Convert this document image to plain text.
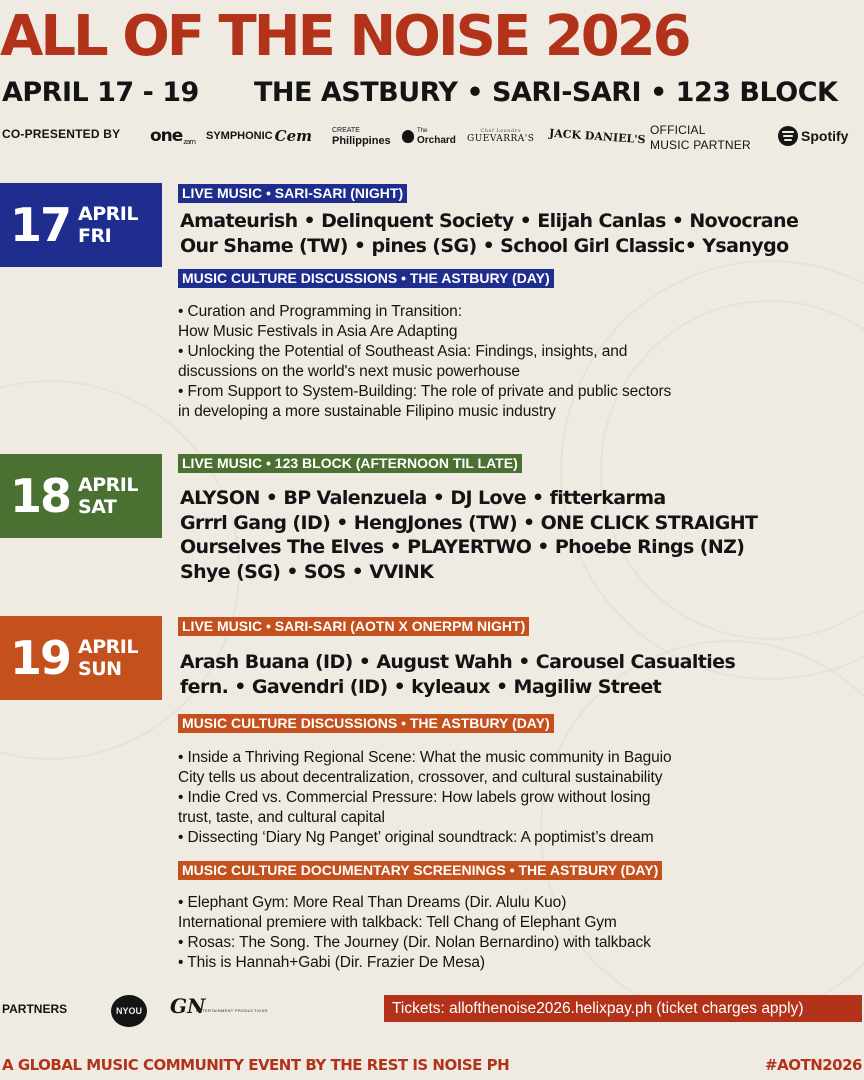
ALL OF THE NOISE 2026
APRIL 17 - 19 THE ASTBURY • SARI-SARI • 123 BLOCK
CO-PRESENTED BY one zam SYMPHONIC Cem	CREATE
Philippines
The
Orchard
Chef Leandro
GUEVARRA'S JACK DANIEL'S OFFICIAL
MUSIC PARTNER
Spotify
17 APRIL
FRI
LIVE MUSIC • SARI-SARI (NIGHT)
Amateurish • Delinquent Society • Elijah Canlas • Novocrane
Our Shame (TW) • pines (SG) • School Girl Classic• Ysanygo
MUSIC CULTURE DISCUSSIONS • THE ASTBURY (DAY)
• Curation and Programming in Transition:
How Music Festivals in Asia Are Adapting
• Unlocking the Potential of Southeast Asia: Findings, insights, and
discussions on the world's next music powerhouse
• From Support to System-Building: The role of private and public sectors
in developing a more sustainable Filipino music industry
18 APRIL
SAT
LIVE MUSIC • 123 BLOCK (AFTERNOON TIL LATE)
ALYSON • BP Valenzuela • DJ Love • fitterkarma
Grrrl Gang (ID) • HengJones (TW) • ONE CLICK STRAIGHT
Ourselves The Elves • PLAYERTWO • Phoebe Rings (NZ)
Shye (SG) • SOS • VVINK
19 APRIL
SUN
LIVE MUSIC • SARI-SARI (AOTN X ONERPM NIGHT)
Arash Buana (ID) • August Wahh • Carousel Casualties
fern. • Gavendri (ID) • kyleaux • Magiliw Street
MUSIC CULTURE DISCUSSIONS • THE ASTBURY (DAY)
• Inside a Thriving Regional Scene: What the music community in Baguio
City tells us about decentralization, crossover, and cultural sustainability
• Indie Cred vs. Commercial Pressure: How labels grow without losing
trust, taste, and cultural capital
• Dissecting ‘Diary Ng Panget’ original soundtrack: A poptimist’s dream
MUSIC CULTURE DOCUMENTARY SCREENINGS • THE ASTBURY (DAY)
• Elephant Gym: More Real Than Dreams (Dir. Alulu Kuo)
International premiere with talkback: Tell Chang of Elephant Gym
• Rosas: The Song. The Journey (Dir. Nolan Bernardino) with talkback
• This is Hannah+Gabi (Dir. Frazier De Mesa)
PARTNERS	NYOU GN
ENTERTAINMENT PRODUCTIONS	Tickets: allofthenoise2026.helixpay.ph (ticket charges apply)
A GLOBAL MUSIC COMMUNITY EVENT BY THE REST IS NOISE PH	#AOTN2026
